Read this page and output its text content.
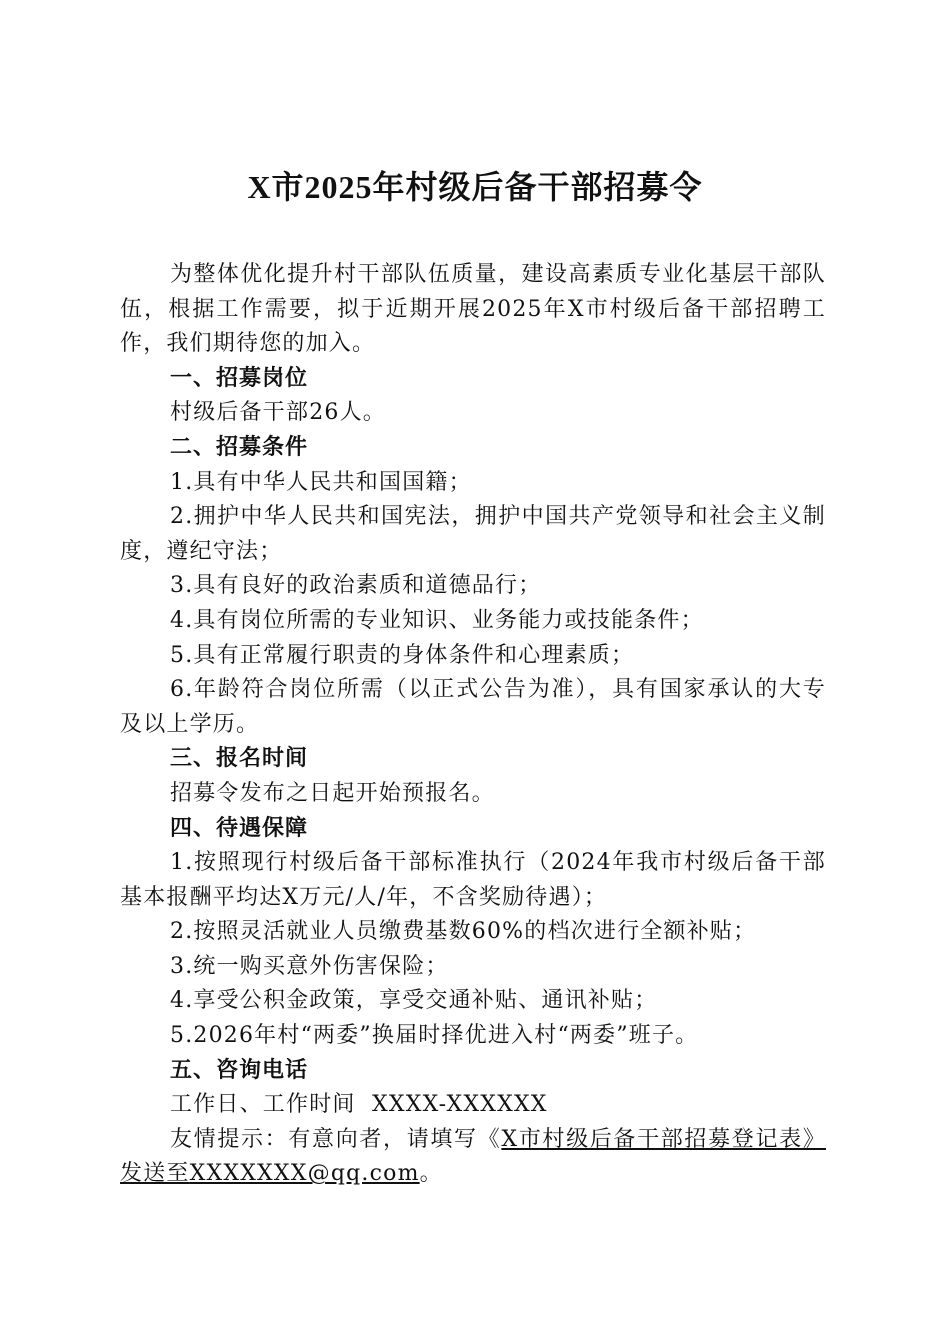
X市2025年村级后备干部招募令

为整体优化提升村干部队伍质量，建设高素质专业化基层干部队伍，根据工作需要，拟于近期开展2025年X市村级后备干部招聘工作，我们期待您的加入。

一、招募岗位

村级后备干部26人。

二、招募条件

1.具有中华人民共和国国籍；

2.拥护中华人民共和国宪法，拥护中国共产党领导和社会主义制度，遵纪守法；

3.具有良好的政治素质和道德品行；

4.具有岗位所需的专业知识、业务能力或技能条件；

5.具有正常履行职责的身体条件和心理素质；

6.年龄符合岗位所需（以正式公告为准），具有国家承认的大专及以上学历。

三、报名时间

招募令发布之日起开始预报名。

四、待遇保障

1.按照现行村级后备干部标准执行（2024年我市村级后备干部基本报酬平均达X万元/人/年，不含奖励待遇）；

2.按照灵活就业人员缴费基数60%的档次进行全额补贴；

3.统一购买意外伤害保险；

4.享受公积金政策，享受交通补贴、通讯补贴；

5.2026年村“两委”换届时择优进入村“两委”班子。

五、咨询电话

工作日、工作时间  XXXX-XXXXXX

友情提示：有意向者，请填写《X市村级后备干部招募登记表》发送至XXXXXXX@qq.com。
